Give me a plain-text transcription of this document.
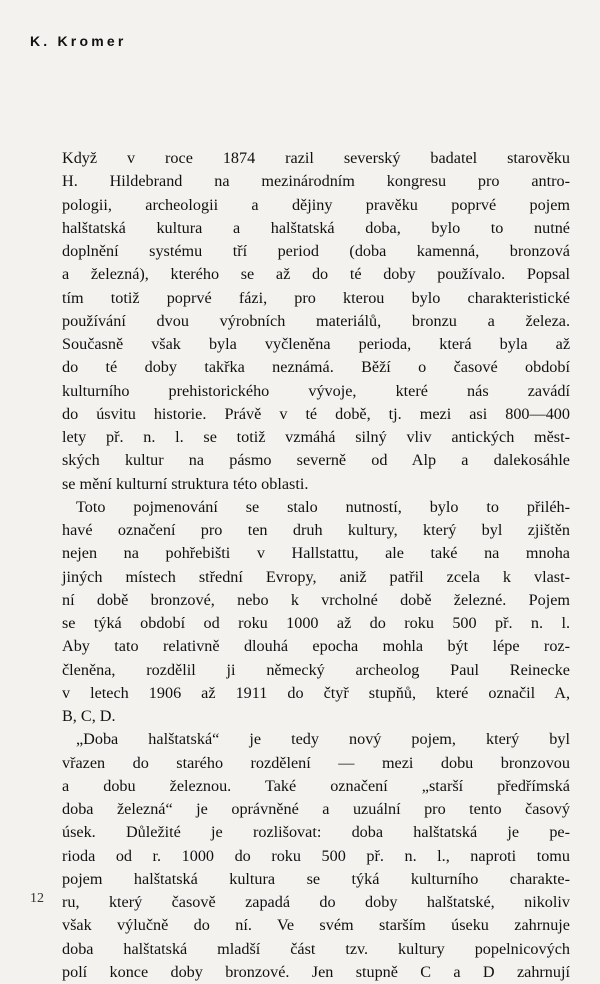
K. Kromer
Když v roce 1874 razil severský badatel starověku
H. Hildebrand na mezinárodním kongresu pro antro-
pologii, archeologii a dějiny pravěku poprvé pojem
halštatská kultura a halštatská doba, bylo to nutné
doplnění systému tří period (doba kamenná, bronzová
a železná), kterého se až do té doby používalo. Popsal
tím totiž poprvé fázi, pro kterou bylo charakteristické
používání dvou výrobních materiálů, bronzu a železa.
Současně však byla vyčleněna perioda, která byla až
do té doby takřka neznámá. Běží o časové období
kulturního prehistorického vývoje, které nás zavádí
do úsvitu historie. Právě v té době, tj. mezi asi 800—400
lety př. n. l. se totiž vzmáhá silný vliv antických měst-
ských kultur na pásmo severně od Alp a dalekosáhle
se mění kulturní struktura této oblasti.
Toto pojmenování se stalo nutností, bylo to přiléh-
havé označení pro ten druh kultury, který byl zjištěn
nejen na pohřebišti v Hallstattu, ale také na mnoha
jiných místech střední Evropy, aniž patřil zcela k vlast-
ní době bronzové, nebo k vrcholné době železné. Pojem
se týká období od roku 1000 až do roku 500 př. n. l.
Aby tato relativně dlouhá epocha mohla být lépe roz-
členěna, rozdělil ji německý archeolog Paul Reinecke
v letech 1906 až 1911 do čtyř stupňů, které označil A,
B, C, D.
„Doba halštatská“ je tedy nový pojem, který byl
vřazen do starého rozdělení — mezi dobu bronzovou
a dobu železnou. Také označení „starší předřímská
doba železná“ je oprávněné a uzuální pro tento časový
úsek. Důležité je rozlišovat: doba halštatská je pe-
rioda od r. 1000 do roku 500 př. n. l., naproti tomu
pojem halštatská kultura se týká kulturního charakte-
ru, který časově zapadá do doby halštatské, nikoliv
však výlučně do ní. Ve svém starším úseku zahrnuje
doba halštatská mladší část tzv. kultury popelnicových
polí konce doby bronzové. Jen stupně C a D zahrnují
12
